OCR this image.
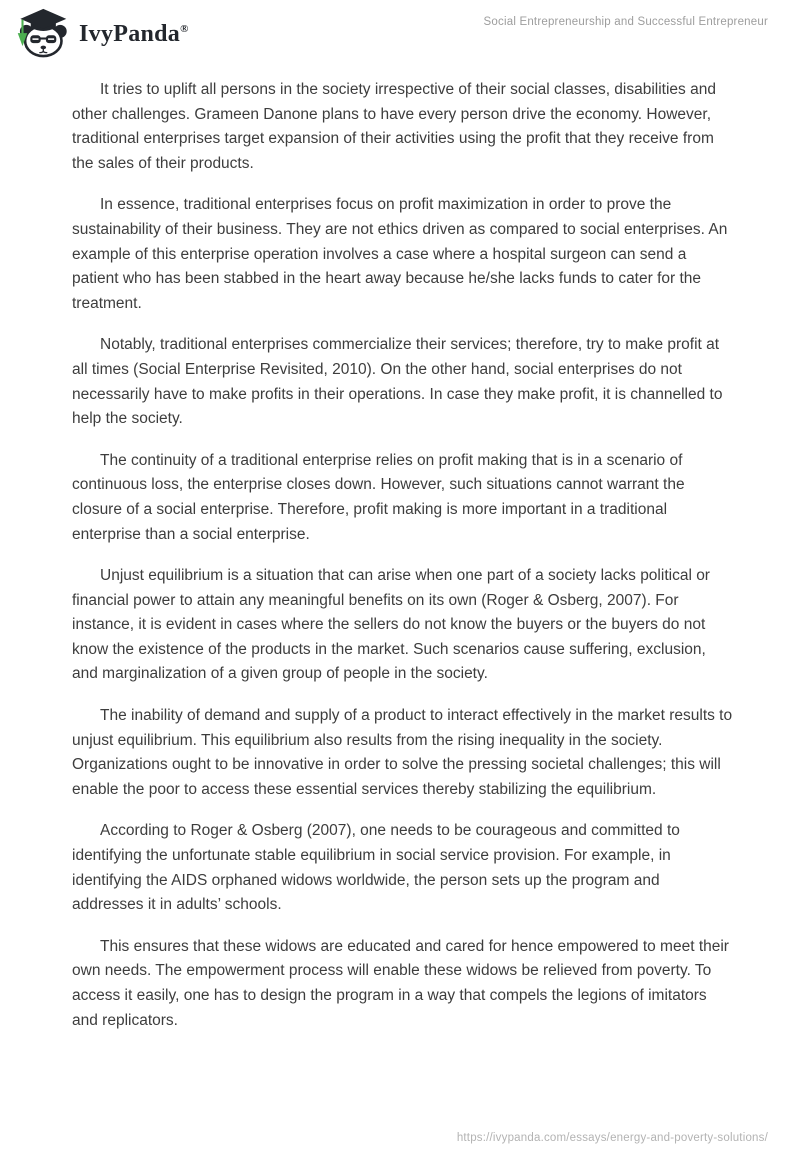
IvyPanda®
Social Entrepreneurship and Successful Entrepreneur

It tries to uplift all persons in the society irrespective of their social classes, disabilities and other challenges. Grameen Danone plans to have every person drive the economy. However, traditional enterprises target expansion of their activities using the profit that they receive from the sales of their products.

In essence, traditional enterprises focus on profit maximization in order to prove the sustainability of their business. They are not ethics driven as compared to social enterprises. An example of this enterprise operation involves a case where a hospital surgeon can send a patient who has been stabbed in the heart away because he/she lacks funds to cater for the treatment.

Notably, traditional enterprises commercialize their services; therefore, try to make profit at all times (Social Enterprise Revisited, 2010). On the other hand, social enterprises do not necessarily have to make profits in their operations. In case they make profit, it is channelled to help the society.

The continuity of a traditional enterprise relies on profit making that is in a scenario of continuous loss, the enterprise closes down. However, such situations cannot warrant the closure of a social enterprise. Therefore, profit making is more important in a traditional enterprise than a social enterprise.

Unjust equilibrium is a situation that can arise when one part of a society lacks political or financial power to attain any meaningful benefits on its own (Roger & Osberg, 2007). For instance, it is evident in cases where the sellers do not know the buyers or the buyers do not know the existence of the products in the market. Such scenarios cause suffering, exclusion, and marginalization of a given group of people in the society.

The inability of demand and supply of a product to interact effectively in the market results to unjust equilibrium. This equilibrium also results from the rising inequality in the society. Organizations ought to be innovative in order to solve the pressing societal challenges; this will enable the poor to access these essential services thereby stabilizing the equilibrium.

According to Roger & Osberg (2007), one needs to be courageous and committed to identifying the unfortunate stable equilibrium in social service provision. For example, in identifying the AIDS orphaned widows worldwide, the person sets up the program and addresses it in adults’ schools.

This ensures that these widows are educated and cared for hence empowered to meet their own needs. The empowerment process will enable these widows be relieved from poverty. To access it easily, one has to design the program in a way that compels the legions of imitators and replicators.

https://ivypanda.com/essays/energy-and-poverty-solutions/
